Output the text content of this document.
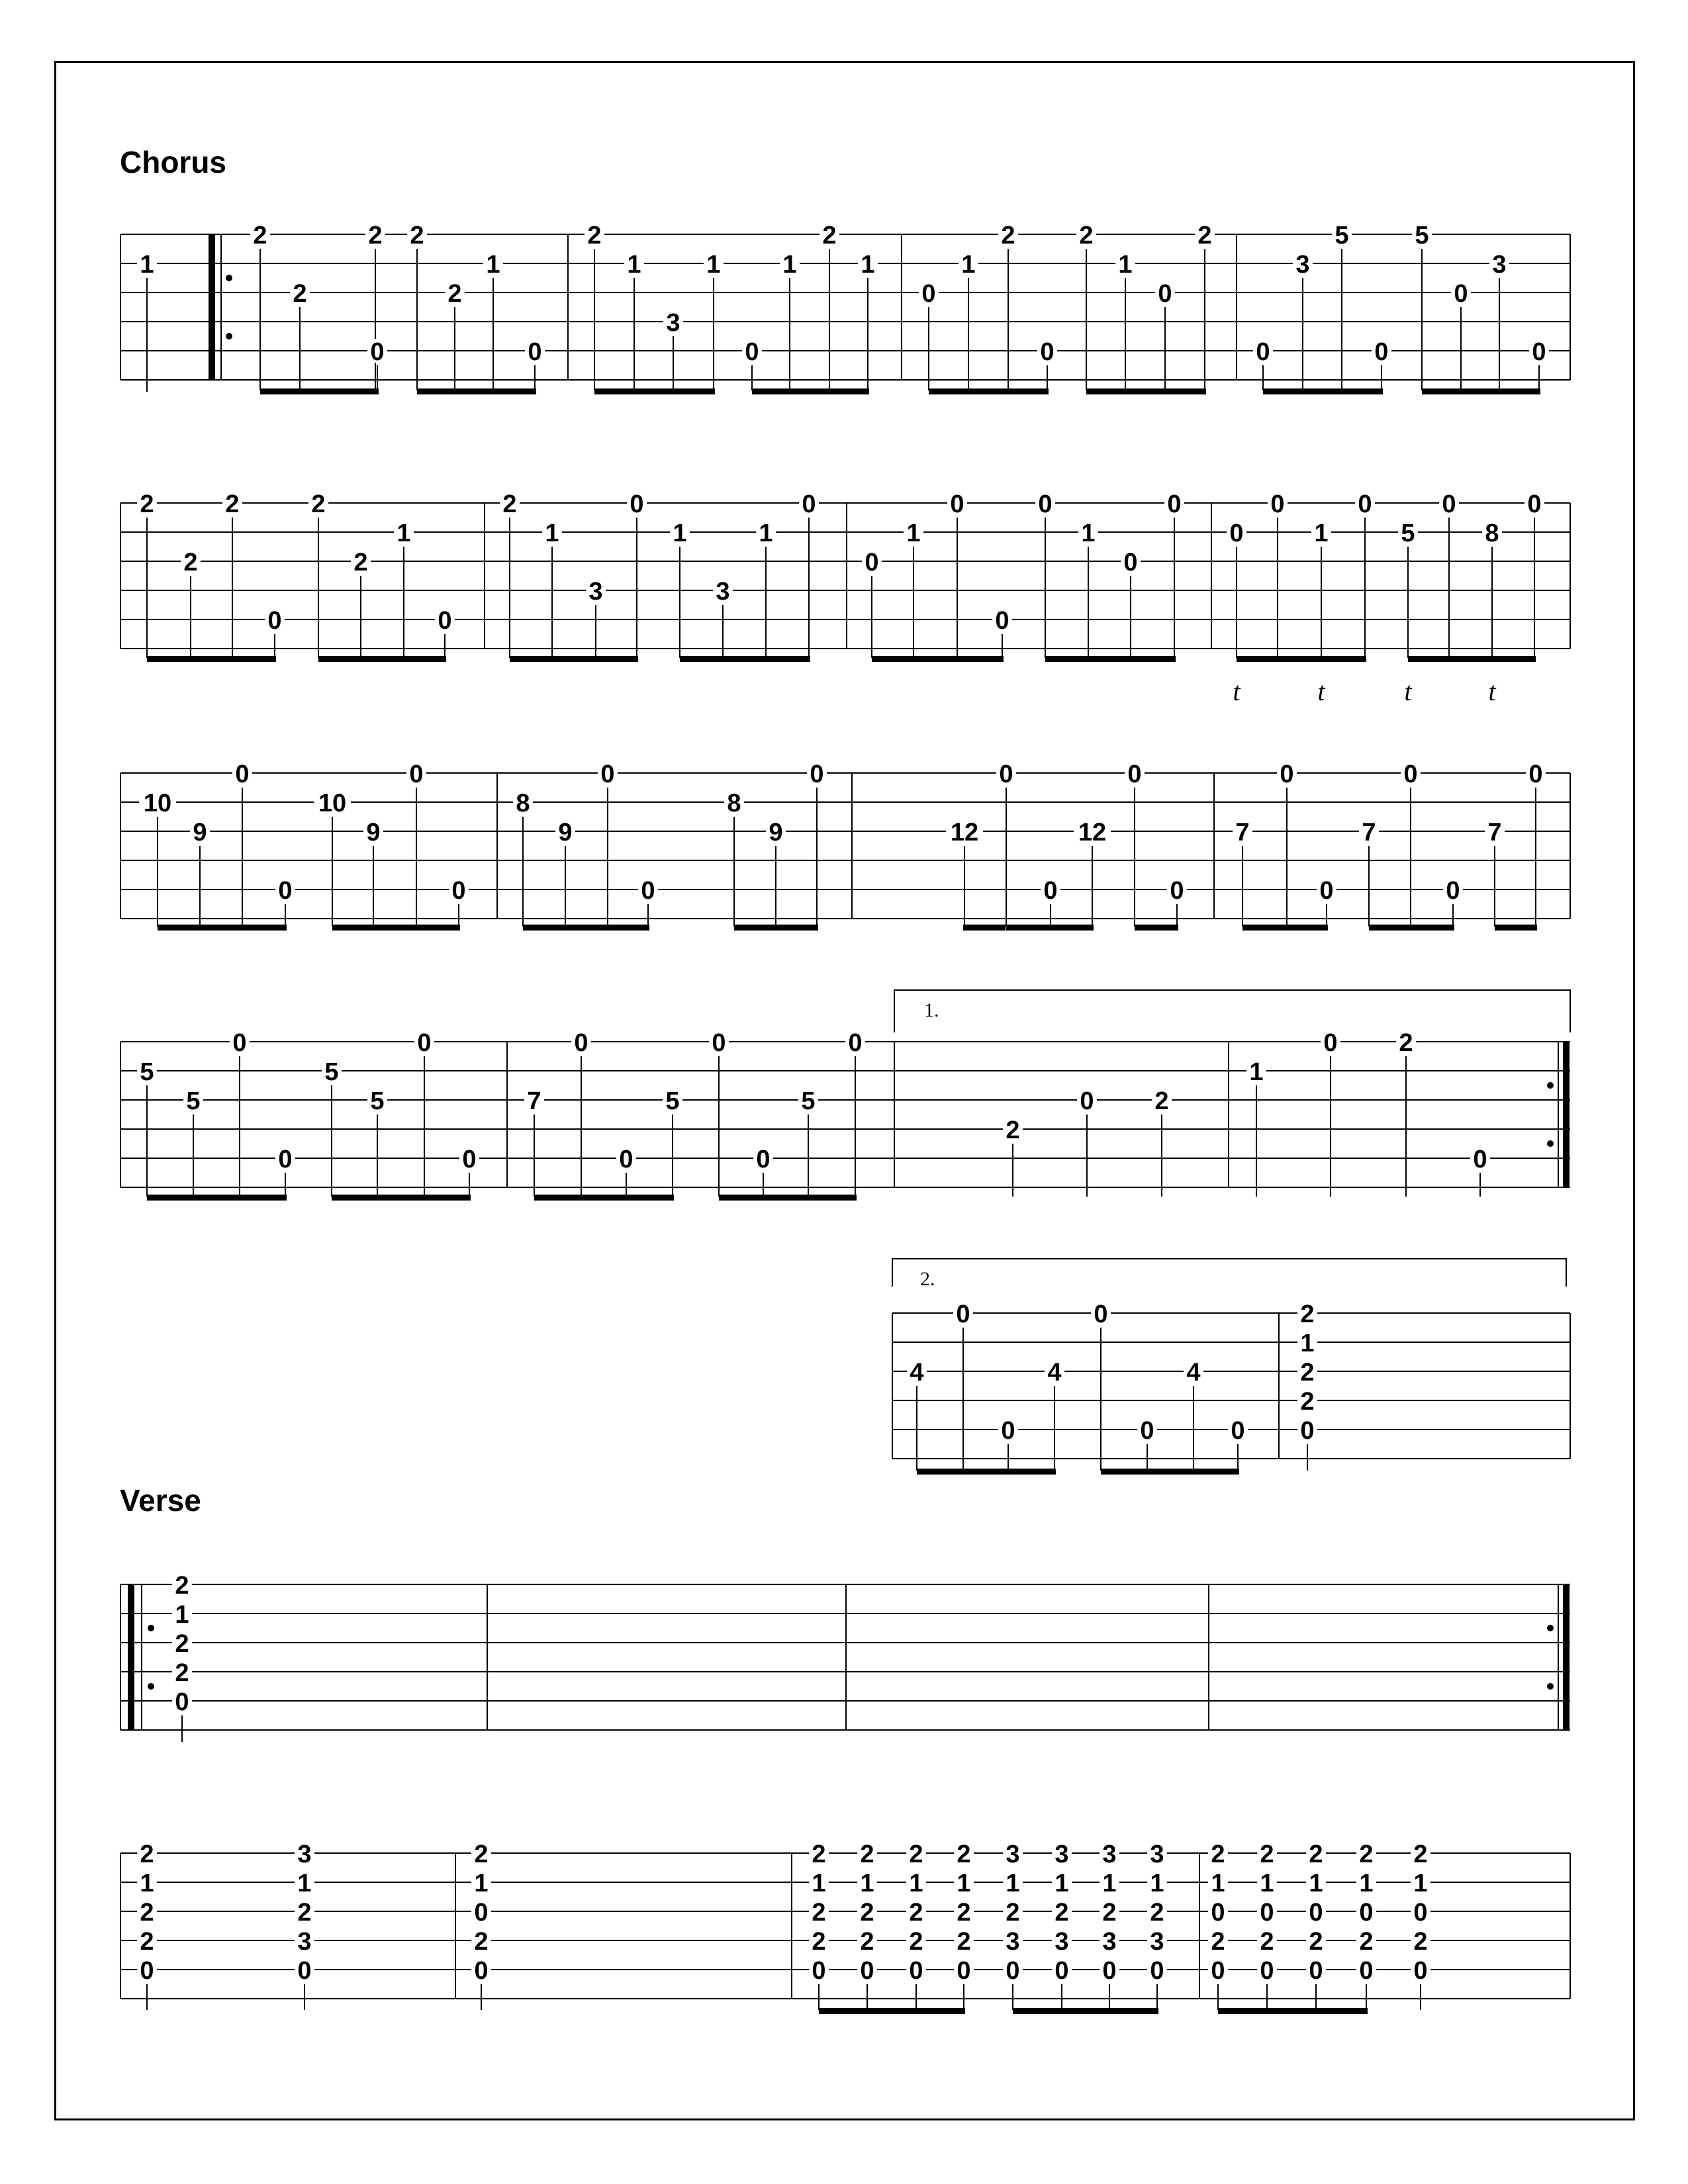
Chorus
Verse
1
2
2
2
0
2
2
1
0
2
1
3
1
0
1
2
1
0
1
2
0
2
1
0
2
0
3
5
0
5
0
3
0
2
2
2
0
2
2
1
0
2
1
3
0
1
3
1
0
0
1
0
0
0
1
0
0
0
0
1
0
5
0
8
0
10
9
0
0
10
9
0
0
8
9
0
0
8
9
0
12
0
0
12
0
0
7
0
0
7
0
0
7
0
5
5
0
0
5
5
0
0
7
0
0
5
0
0
5
0
2
0 2
1
0 2
0
4
0
0
4
0
0
4
0
2
1
2
2
0
2
1
2
2
0
2
1
2
2
0
3
1
2
3
0
2
1
0
2
0
2
1
2
2
0
2
1
2
2
0
2
1
2
2
0
2
1
2
2
0
3
1
2
3
0
3
1
2
3
0
3
1
2
3
0
3
1
2
3
0
2
1
0
2
0
2
1
0
2
0
2
1
0
2
0
2
1
0
2
0
2
1
0
2
0
t	t	t	t
1.
2.
